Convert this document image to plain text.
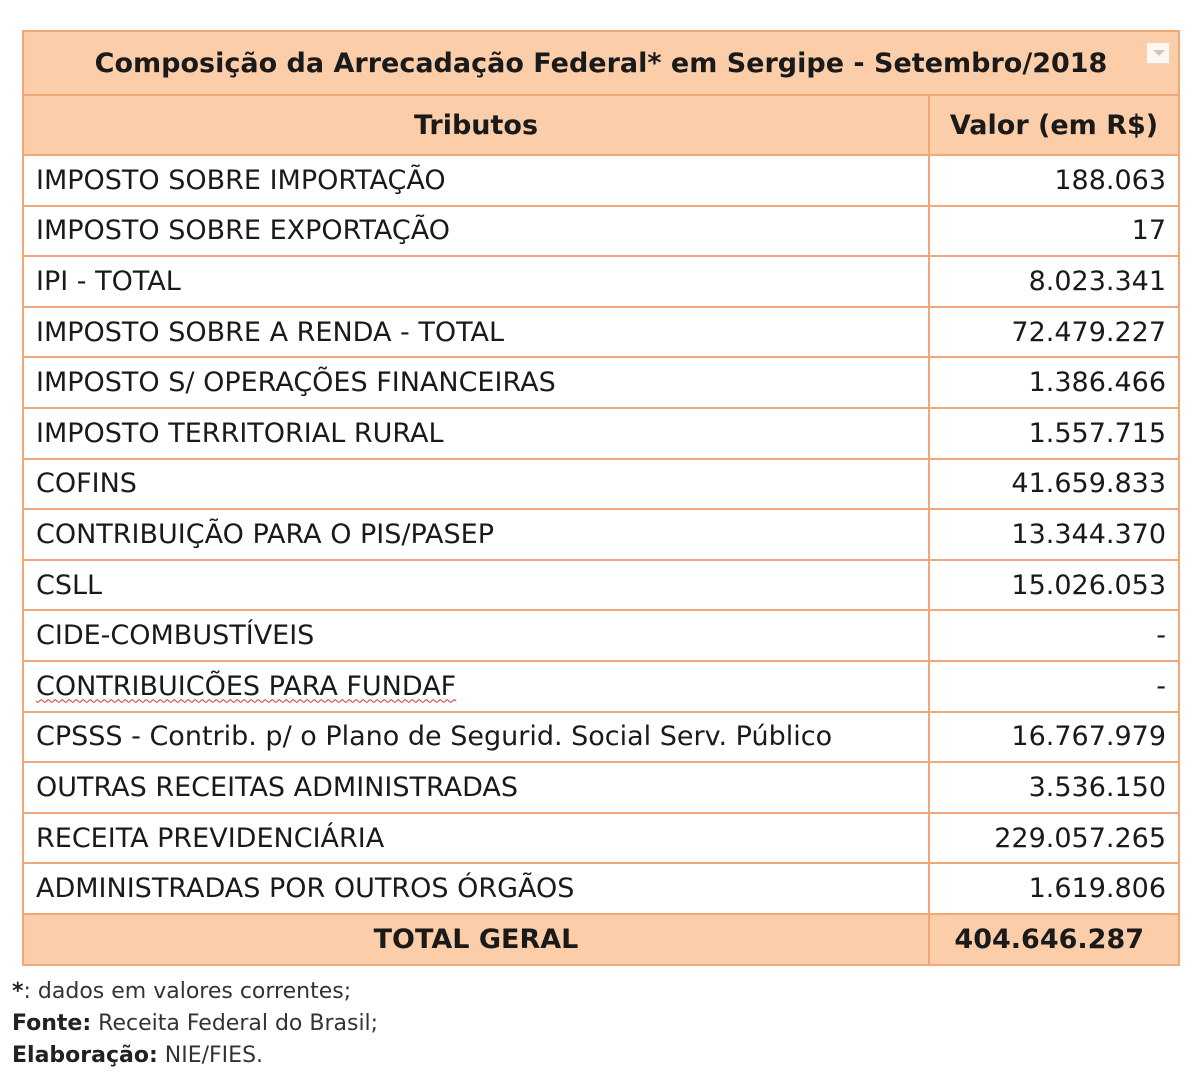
Composição da Arrecadação Federal* em Sergipe - Setembro/2018	

Tributos	Valor (em R$)
IMPOSTO SOBRE IMPORTAÇÃO	188.063
IMPOSTO SOBRE EXPORTAÇÃO	17
IPI - TOTAL	8.023.341
IMPOSTO SOBRE A RENDA - TOTAL	72.479.227
IMPOSTO S/ OPERAÇÕES FINANCEIRAS	1.386.466
IMPOSTO TERRITORIAL RURAL	1.557.715
COFINS	41.659.833
CONTRIBUIÇÃO PARA O PIS/PASEP	13.344.370
CSLL	15.026.053
CIDE-COMBUSTÍVEIS	-
CONTRIBUICÕES PARA FUNDAF	-
CPSSS - Contrib. p/ o Plano de Segurid. Social Serv. Público	16.767.979
OUTRAS RECEITAS ADMINISTRADAS	3.536.150
RECEITA PREVIDENCIÁRIA	229.057.265
ADMINISTRADAS POR OUTROS ÓRGÃOS	1.619.806
TOTAL GERAL	404.646.287
*: dados em valores correntes;
Fonte: Receita Federal do Brasil;
Elaboração: NIE/FIES.
